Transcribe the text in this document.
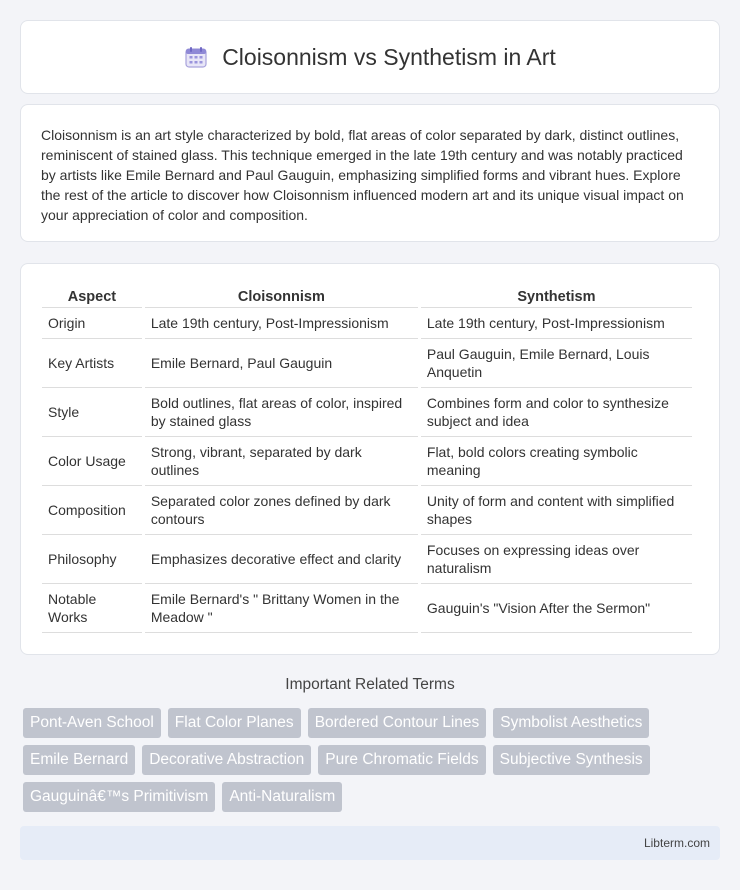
Cloisonnism vs Synthetism in Art

Cloisonnism is an art style characterized by bold, flat areas of color separated by dark, distinct outlines, reminiscent of stained glass. This technique emerged in the late 19th century and was notably practiced by artists like Emile Bernard and Paul Gauguin, emphasizing simplified forms and vibrant hues. Explore the rest of the article to discover how Cloisonnism influenced modern art and its unique visual impact on your appreciation of color and composition.

Aspect	Cloisonnism	Synthetism
Origin	Late 19th century, Post-Impressionism	Late 19th century, Post-Impressionism
Key Artists	Emile Bernard, Paul Gauguin	Paul Gauguin, Emile Bernard, Louis Anquetin
Style	Bold outlines, flat areas of color, inspired by stained glass	Combines form and color to synthesize subject and idea
Color Usage	Strong, vibrant, separated by dark outlines	Flat, bold colors creating symbolic meaning
Composition	Separated color zones defined by dark contours	Unity of form and content with simplified shapes
Philosophy	Emphasizes decorative effect and clarity	Focuses on expressing ideas over naturalism
Notable Works	Emile Bernard's " Brittany Women in the Meadow "	Gauguin's "Vision After the Sermon"
Important Related Terms
Pont-Aven School	Flat Color Planes	Bordered Contour Lines	Symbolist Aesthetics
Emile Bernard	Decorative Abstraction	Pure Chromatic Fields	Subjective Synthesis
Gauguinâ€™s Primitivism	Anti-Naturalism
Libterm.com
